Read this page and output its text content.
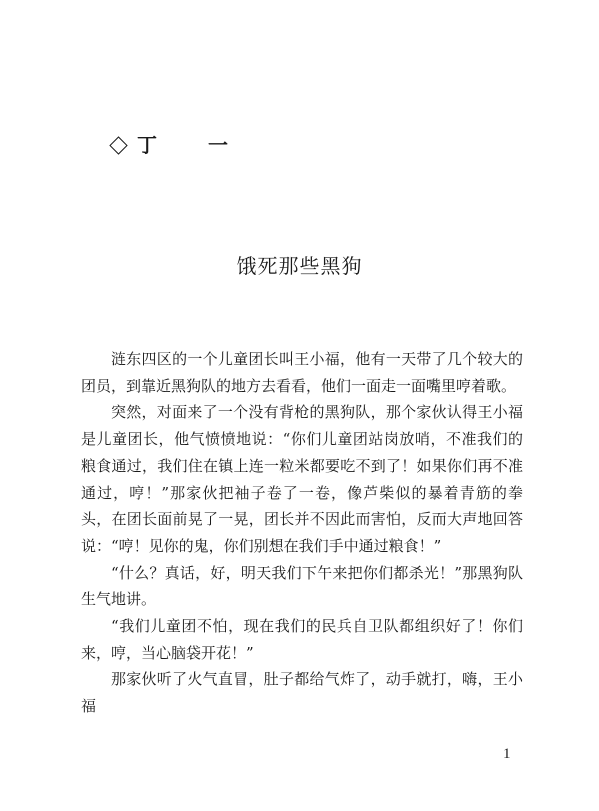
丁 一
饿死那些黑狗

涟东四区的一个儿童团长叫王小福，他有一天带了几个较大的团员，到靠近黑狗队的地方去看看，他们一面走一面嘴里哼着歌。

突然，对面来了一个没有背枪的黑狗队，那个家伙认得王小福是儿童团长，他气愤愤地说：“你们儿童团站岗放哨，不准我们的粮食通过，我们住在镇上连一粒米都要吃不到了！如果你们再不准通过，哼！”那家伙把袖子卷了一卷，像芦柴似的暴着青筋的拳头，在团长面前晃了一晃，团长并不因此而害怕，反而大声地回答说：“哼！见你的鬼，你们别想在我们手中通过粮食！”

“什么？真话，好，明天我们下午来把你们都杀光！”那黑狗队生气地讲。

“我们儿童团不怕，现在我们的民兵自卫队都组织好了！你们来，哼，当心脑袋开花！”

那家伙听了火气直冒，肚子都给气炸了，动手就打，嗨，王小福

1
